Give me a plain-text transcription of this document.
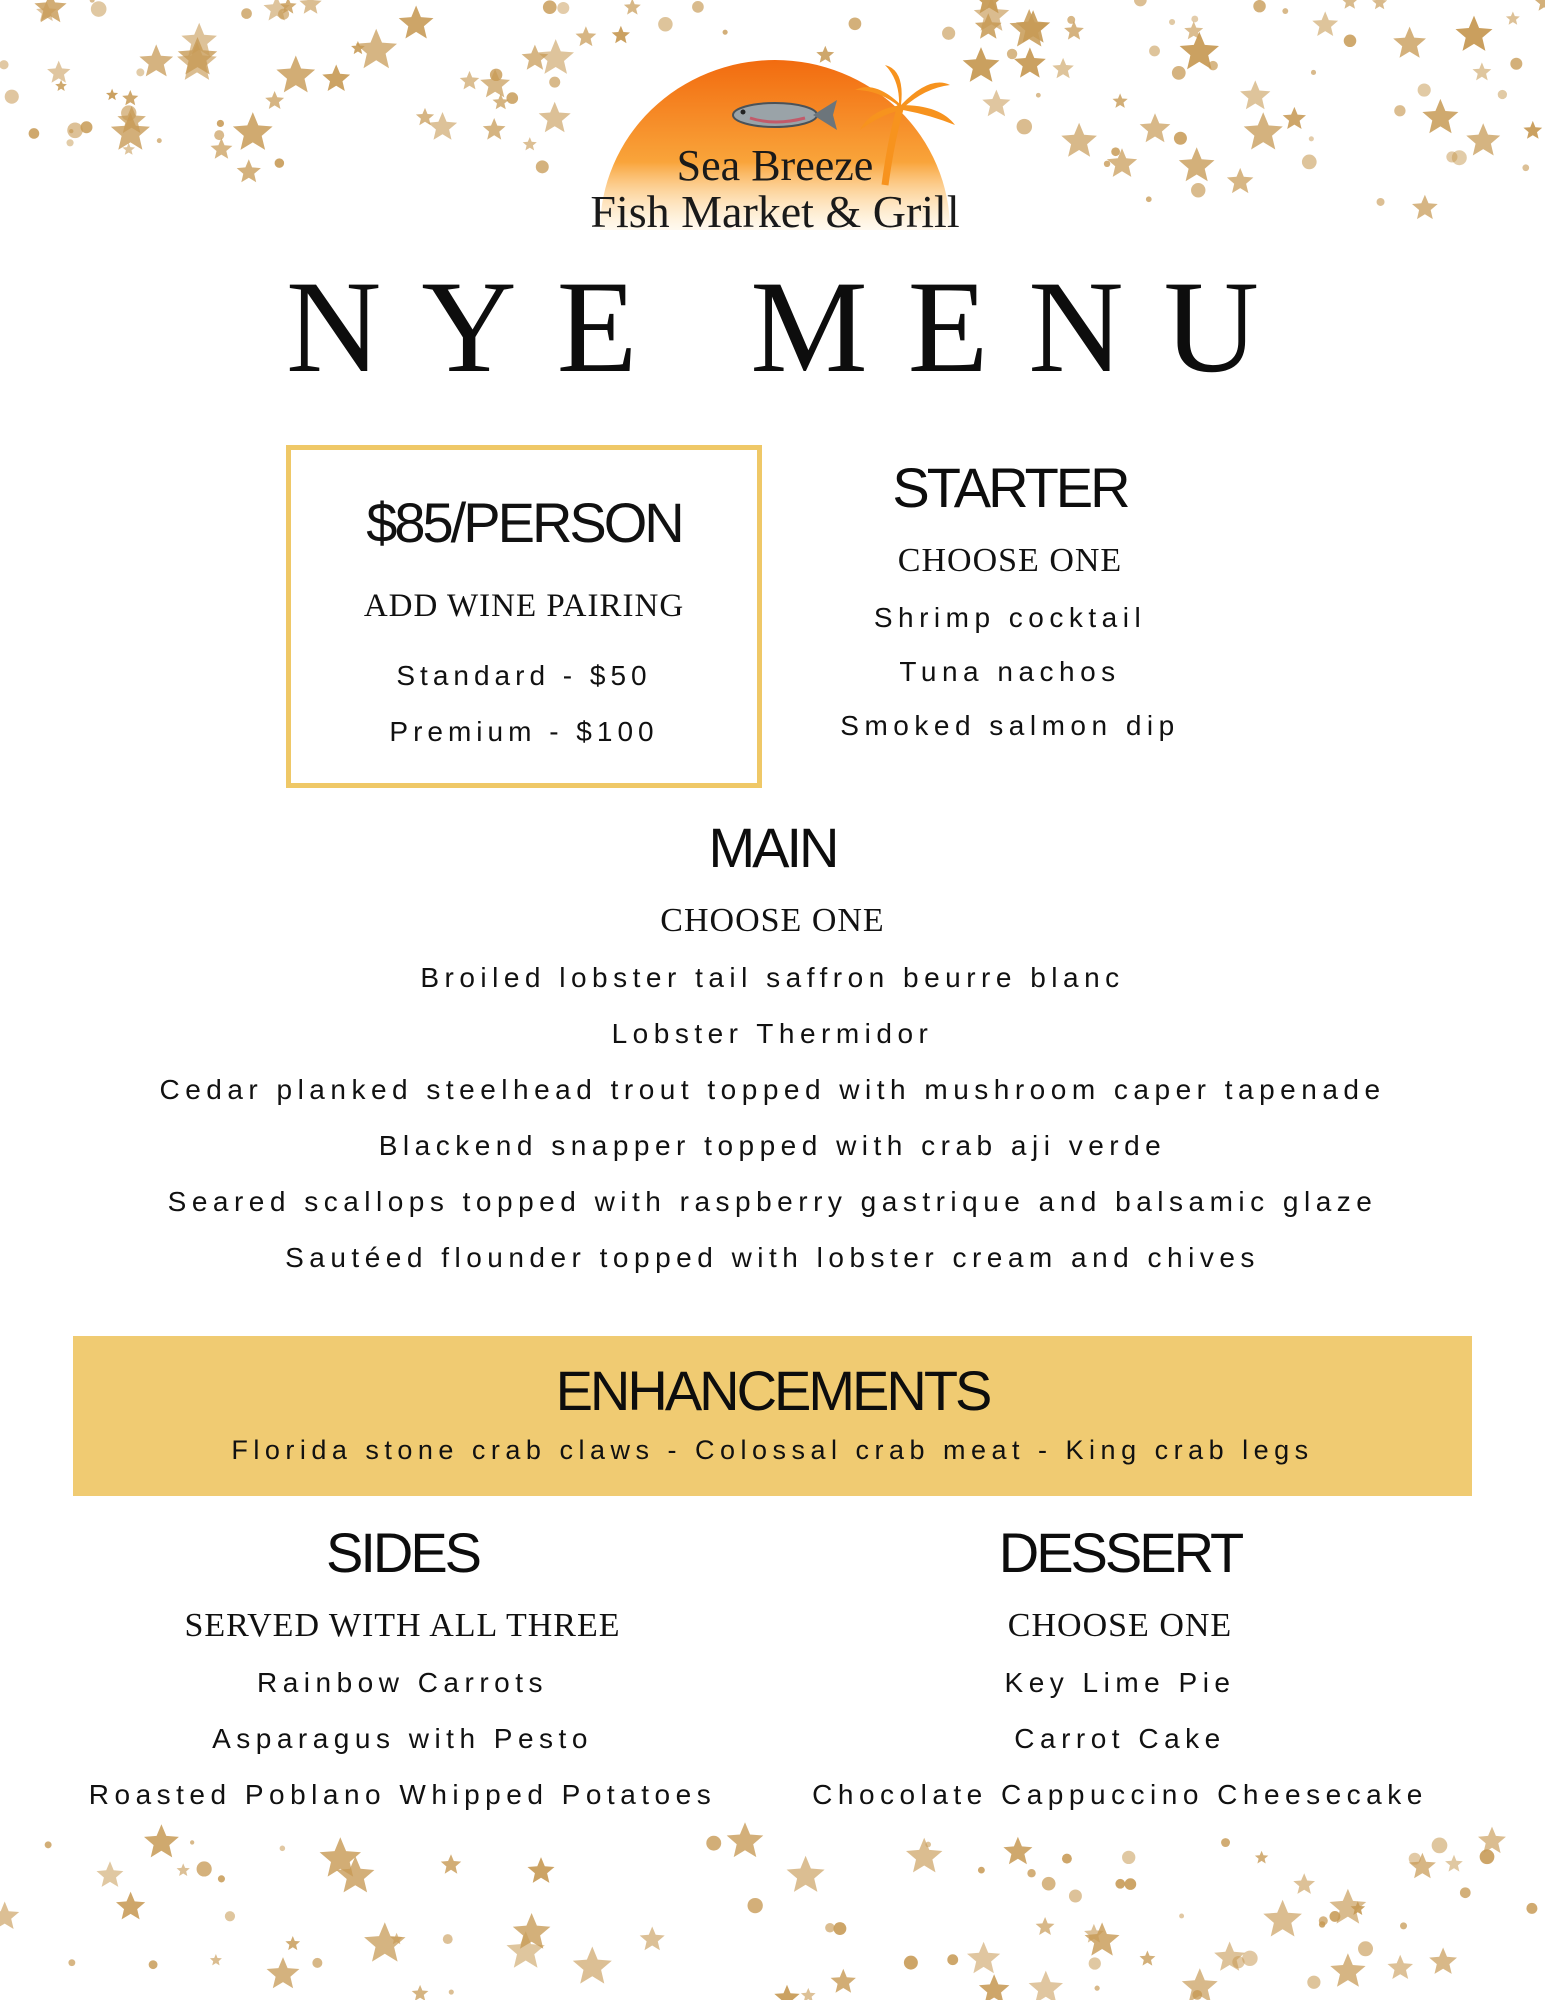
Sea Breeze
Fish Market & Grill
NYE MENU
$85/PERSON
ADD WINE PAIRING
Standard - $50
Premium - $100
STARTER
CHOOSE ONE
Shrimp cocktail
Tuna nachos
Smoked salmon dip
MAIN
CHOOSE ONE
Broiled lobster tail saffron beurre blanc
Lobster Thermidor
Cedar planked steelhead trout topped with mushroom caper tapenade
Blackend snapper topped with crab aji verde
Seared scallops topped with raspberry gastrique and balsamic glaze
Sautéed flounder topped with lobster cream and chives
ENHANCEMENTS
Florida stone crab claws - Colossal crab meat - King crab legs
SIDES
SERVED WITH ALL THREE
Rainbow Carrots
Asparagus with Pesto
Roasted Poblano Whipped Potatoes
DESSERT
CHOOSE ONE
Key Lime Pie
Carrot Cake
Chocolate Cappuccino Cheesecake
